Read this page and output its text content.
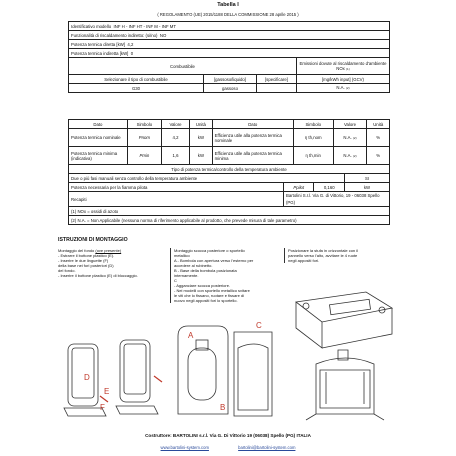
Tabella I
( REGOLAMENTO (UE) 2015/1188 DELLA COMMISSIONE 28 aprile 2015 )
Identificativo modello INF H - INF HT - INF M - INF MT			
Funzionalità di riscaldamento indiretto: (si/no) NO			
Potenza termica diretta [kW] 4,2			
Potenza termica indiretta [kW] 0			
Combustibile			Emissioni dovute al riscaldamento d'ambiente
NOx (1)

Selezionare il tipo di combustibile	[gassoso/liquido]	[specificare]	[mg/kWh input] (GCV)
G30	gassoso		N.A. (2)
Dato	Simbolo	Valore	Unità	Dato	Simbolo	Valore	Unità
Potenza termica nominale	Pnom	4,2	kW	Efficienza utile alla potenza termica nominale	η th,nom	N.A. (2)	%
Potenza termica minima (indicativa)	Pmin	1,6	kW	Efficienza utile alla potenza termica minima	η th,min	N.A. (2)	%
Tipo di potenza termica/controllo della temperatura ambiente			
Due o più fasi manuali senza controllo della temperatura ambiente			SI
Potenza necessaria per la fiamma pilota	Ppilot	0,160	kW
Recapiti	Bartolini S.r.l. Via G. di Vittorio, 19 - 06038 Spello (PG)		
(1) NOx = ossidi di azoto			
(2) N.A. = Non Applicabile (nessuna norma di riferimento applicabile al prodotto, che prevede misura di tale parametro)			
ISTRUZIONI DI MONTAGGIO
Montaggio del fondo (ove presente)
- Estrarre il bottone plastico (E).
- Inserire le due linguette (F)
della base nei fori posteriori (D)
del fondo.
- Inserire il bottone plastico (E) di bloccaggio.
Montaggio scocca posteriore o sportello
metallico
A - Bombola con apertura verso l'esterno per
accedere al rubinetto.
B - Base della bombola posizionata
internamente.
C
- Agganciare scocca posteriore.
- Nei modelli con sportello metallico svitare
le viti che lo fissano, ruotare e fissare di
nuovo negli appositi fori lo sportello.
Posizionare la stufa in orizzontale con il
pannello verso l'alto, avvitare le 4 ruote
negli appositi fori.
D
E
F
A
B
C
Costruttore: BARTOLINI s.r.l. Via G. Di Vittorio 19 (06038) Spello (PG) ITALIA
www.bartolini-system.com	bartolini@bartolini-system.com
